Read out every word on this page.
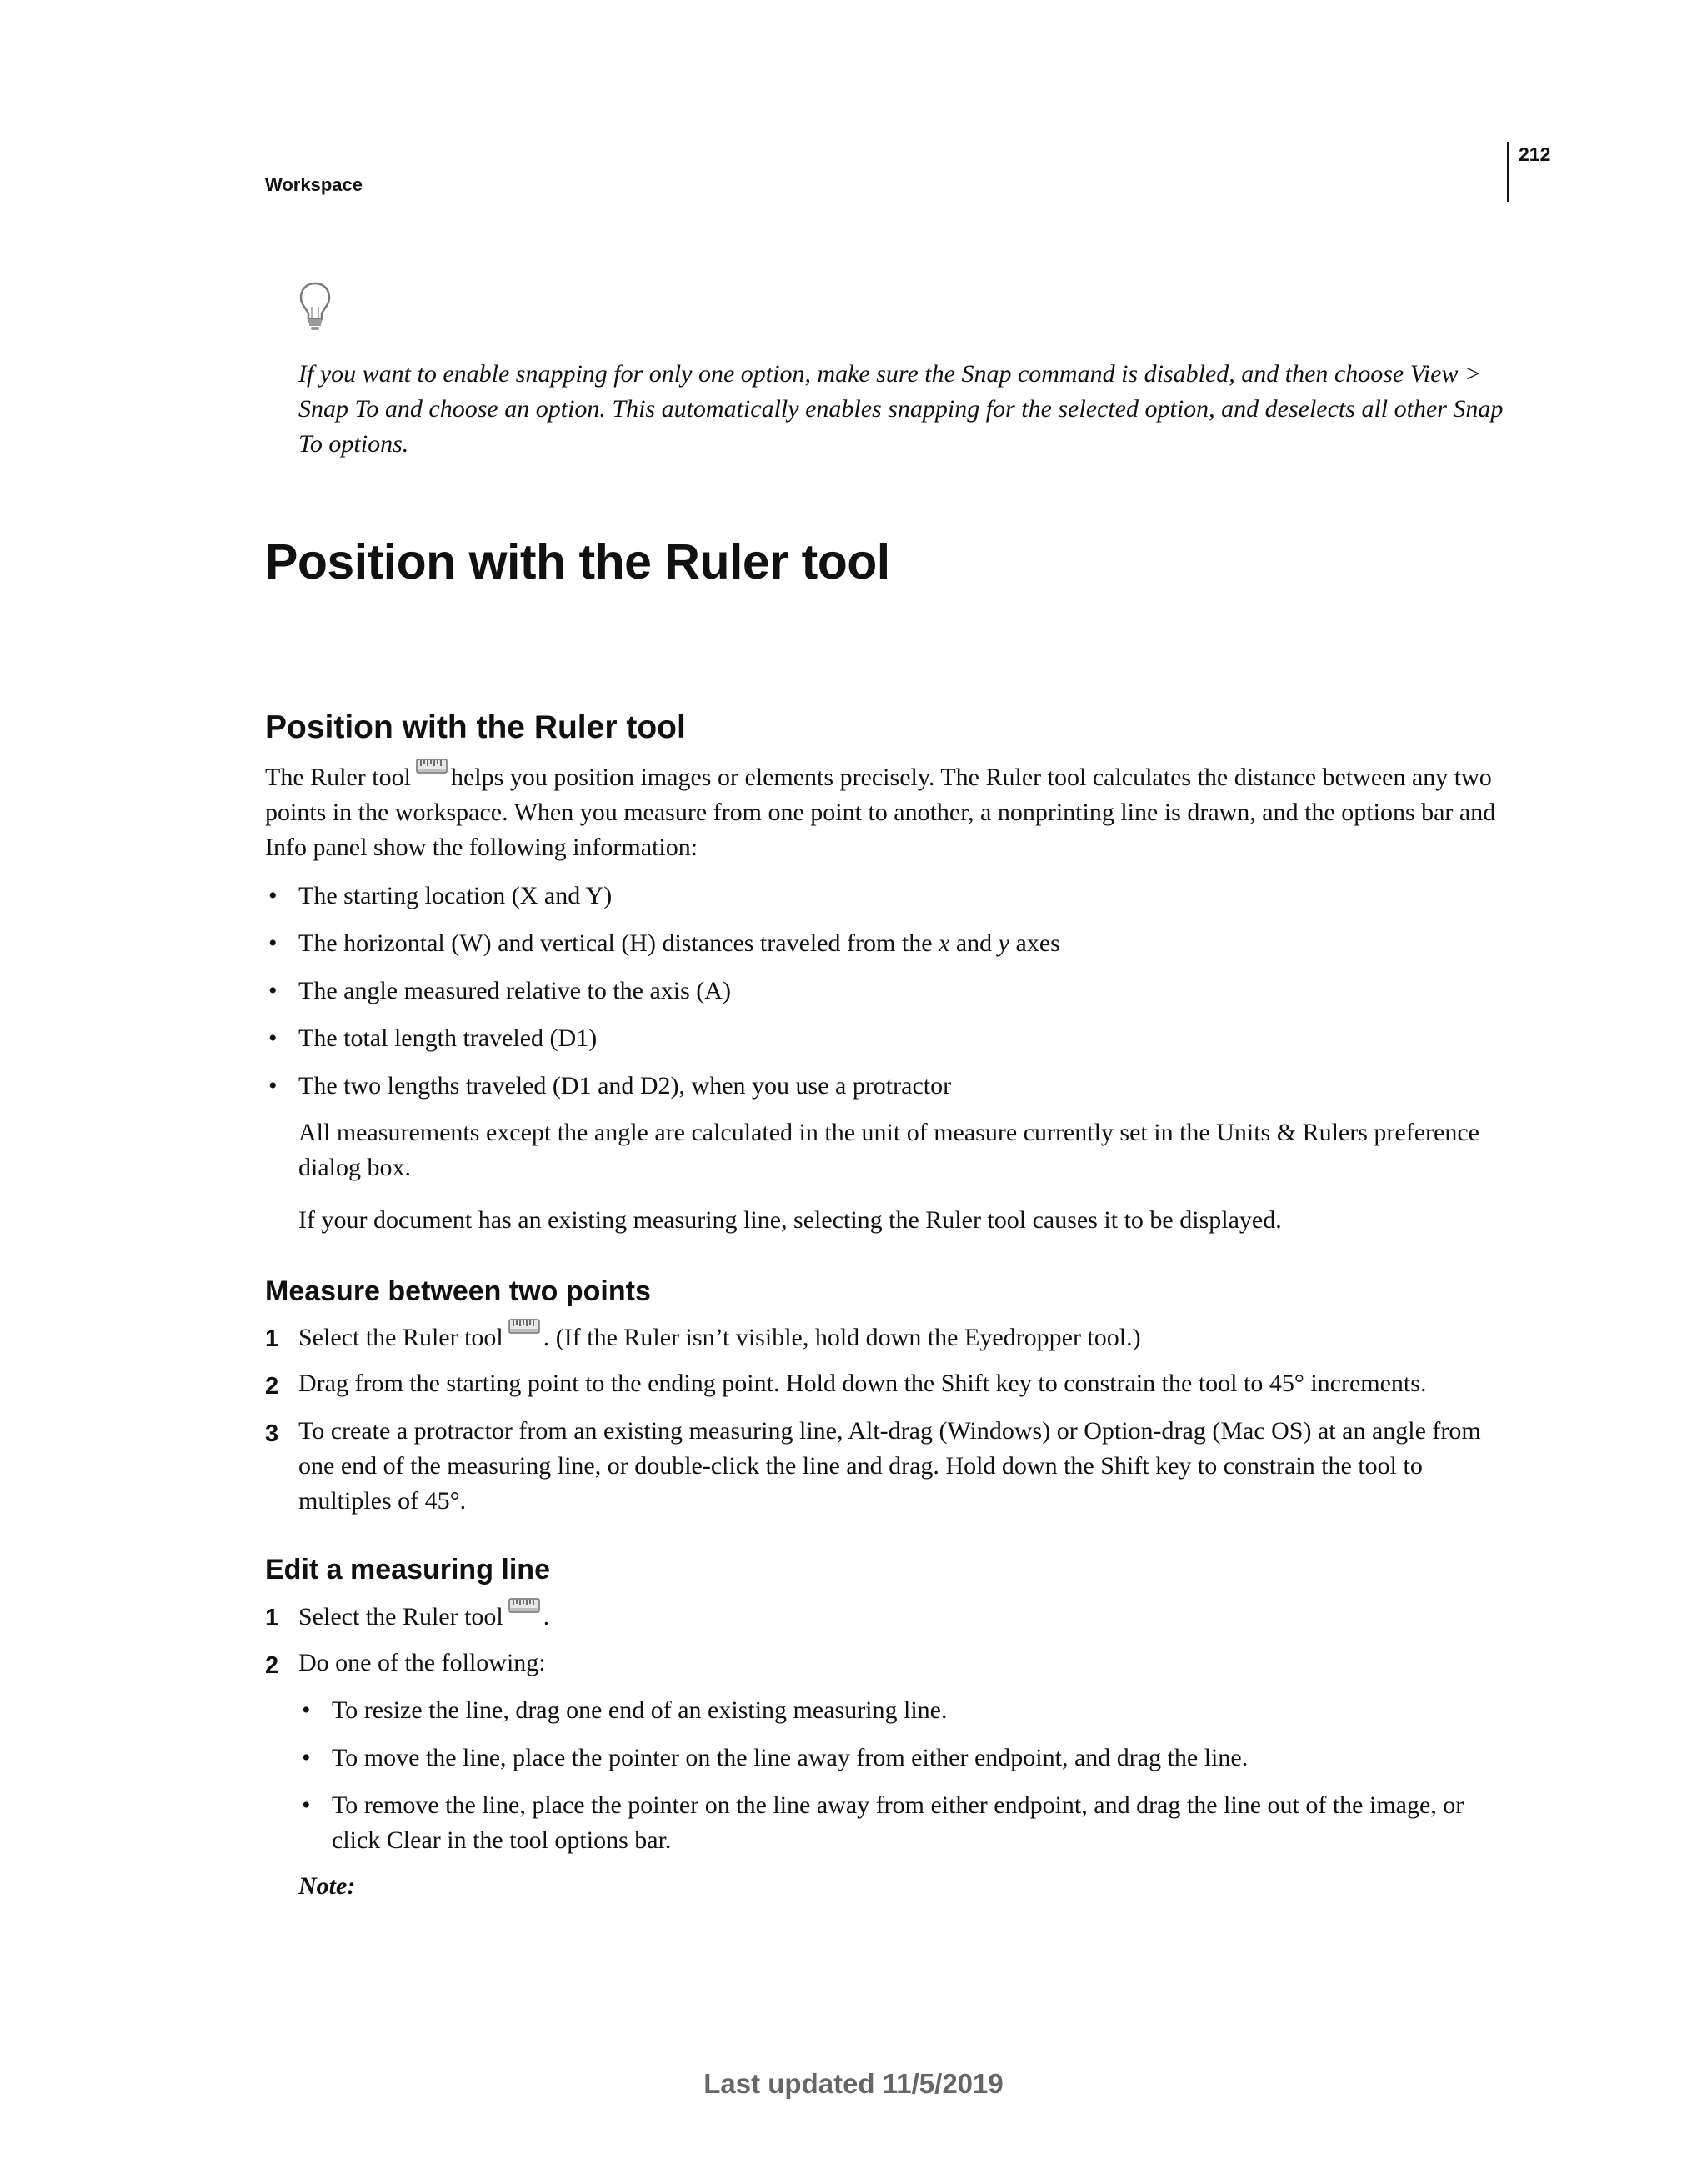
Workspace
212
If you want to enable snapping for only one option, make sure the Snap command is disabled, and then choose View > Snap To and choose an option. This automatically enables snapping for the selected option, and deselects all other Snap To options.
Position with the Ruler tool
Position with the Ruler tool
The Ruler tool helps you position images or elements precisely. The Ruler tool calculates the distance between any two points in the workspace. When you measure from one point to another, a nonprinting line is drawn, and the options bar and Info panel show the following information:
• The starting location (X and Y)
• The horizontal (W) and vertical (H) distances traveled from the x and y axes
• The angle measured relative to the axis (A)
• The total length traveled (D1)
• The two lengths traveled (D1 and D2), when you use a protractor
All measurements except the angle are calculated in the unit of measure currently set in the Units & Rulers preference dialog box.
If your document has an existing measuring line, selecting the Ruler tool causes it to be displayed.
Measure between two points
1 Select the Ruler tool . (If the Ruler isn’t visible, hold down the Eyedropper tool.)
2 Drag from the starting point to the ending point. Hold down the Shift key to constrain the tool to 45° increments.
3 To create a protractor from an existing measuring line, Alt-drag (Windows) or Option-drag (Mac OS) at an angle from one end of the measuring line, or double-click the line and drag. Hold down the Shift key to constrain the tool to multiples of 45°.
Edit a measuring line
1 Select the Ruler tool .
2 Do one of the following:
• To resize the line, drag one end of an existing measuring line.
• To move the line, place the pointer on the line away from either endpoint, and drag the line.
• To remove the line, place the pointer on the line away from either endpoint, and drag the line out of the image, or click Clear in the tool options bar.
Note:
Last updated 11/5/2019
